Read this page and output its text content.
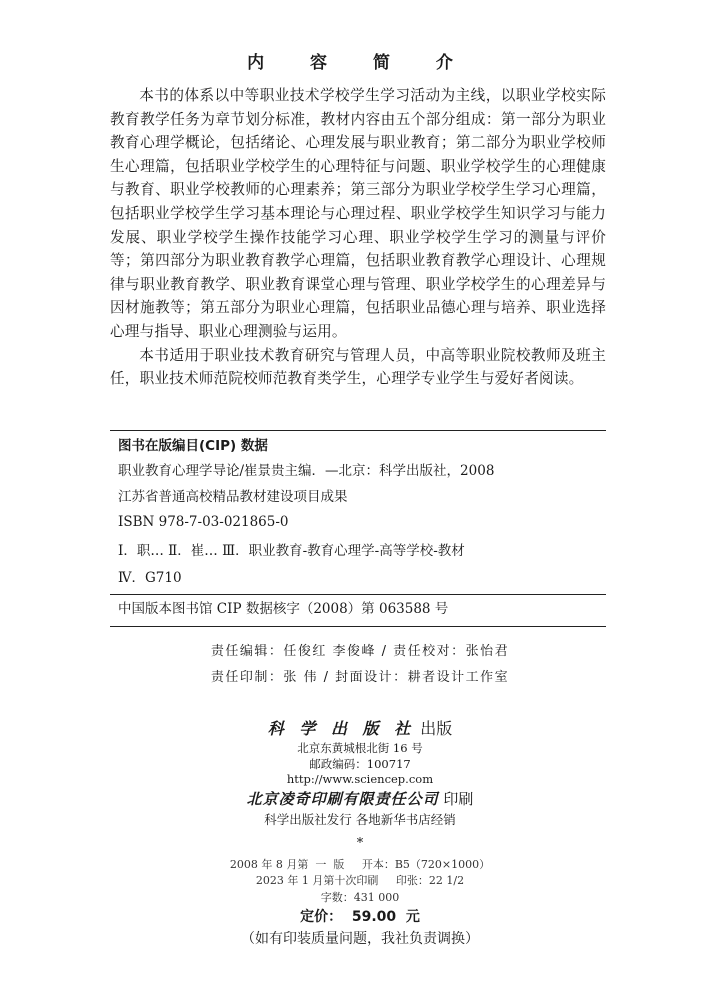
内 容 简 介

本书的体系以中等职业技术学校学生学习活动为主线，以职业学校实际教育教学任务为章节划分标准，教材内容由五个部分组成：第一部分为职业教育心理学概论，包括绪论、心理发展与职业教育；第二部分为职业学校师生心理篇，包括职业学校学生的心理特征与问题、职业学校学生的心理健康与教育、职业学校教师的心理素养；第三部分为职业学校学生学习心理篇，包括职业学校学生学习基本理论与心理过程、职业学校学生知识学习与能力发展、职业学校学生操作技能学习心理、职业学校学生学习的测量与评价等；第四部分为职业教育教学心理篇，包括职业教育教学心理设计、心理规律与职业教育教学、职业教育课堂心理与管理、职业学校学生的心理差异与因材施教等；第五部分为职业心理篇，包括职业品德心理与培养、职业选择心理与指导、职业心理测验与运用。

本书适用于职业技术教育研究与管理人员，中高等职业院校教师及班主任，职业技术师范院校师范教育类学生，心理学专业学生与爱好者阅读。

图书在版编目(CIP) 数据
职业教育心理学导论/崔景贵主编．—北京：科学出版社，2008
江苏省普通高校精品教材建设项目成果
ISBN 978-7-03-021865-0
Ⅰ．职… Ⅱ．崔… Ⅲ．职业教育-教育心理学-高等学校-教材
Ⅳ．G710
中国版本图书馆 CIP 数据核字（2008）第 063588 号
责任编辑：任俊红 李俊峰 / 责任校对：张怡君
责任印制：张 伟 / 封面设计：耕者设计工作室
科 学 出 版 社 出版
北京东黄城根北街 16 号
邮政编码：100717
http://www.sciencep.com
北京凌奇印刷有限责任公司 印刷
科学出版社发行 各地新华书店经销
*
2008 年 8 月第  一  版     开本：B5（720×1000）
2023 年 1 月第十次印刷     印张：22 1/2
字数：431 000
定价：  59.00  元
（如有印装质量问题，我社负责调换）
